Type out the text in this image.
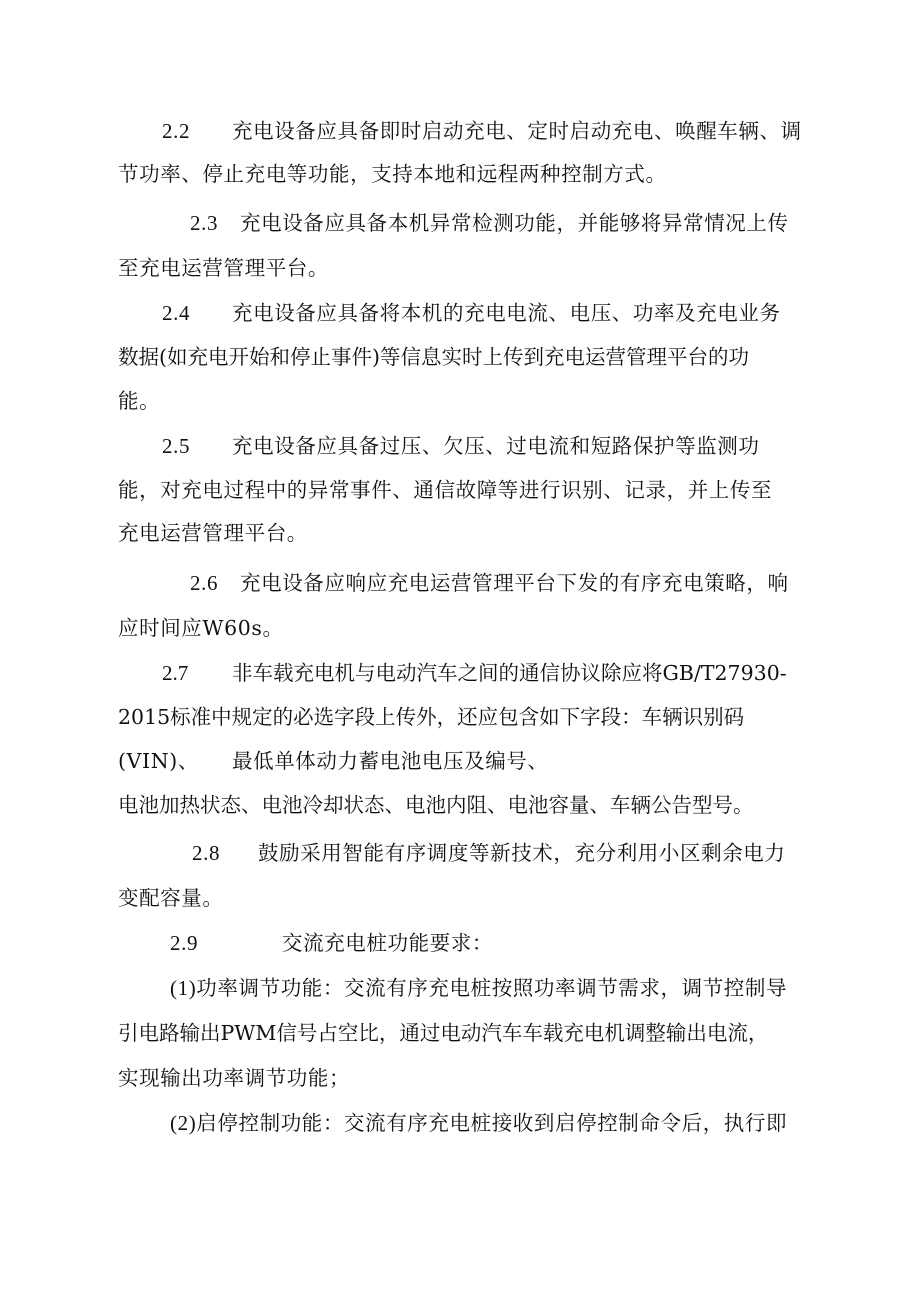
2.2 充电设备应具备即时启动充电、定时启动充电、唤醒车辆、调
节功率、停止充电等功能，支持本地和远程两种控制方式。
2.3 充电设备应具备本机异常检测功能，并能够将异常情况上传
至充电运营管理平台。
2.4 充电设备应具备将本机的充电电流、电压、功率及充电业务
数据(如充电开始和停止事件)等信息实时上传到充电运营管理平台的功
能。
2.5 充电设备应具备过压、欠压、过电流和短路保护等监测功
能，对充电过程中的异常事件、通信故障等进行识别、记录，并上传至
充电运营管理平台。
2.6 充电设备应响应充电运营管理平台下发的有序充电策略，响
应时间应W60s。
2.7 非车载充电机与电动汽车之间的通信协议除应将GB/T27930-
2015标准中规定的必选字段上传外，还应包含如下字段：车辆识别码
(VIN)、 最低单体动力蓄电池电压及编号、
电池加热状态、电池冷却状态、电池内阻、电池容量、车辆公告型号。
2.8 鼓励采用智能有序调度等新技术，充分利用小区剩余电力
变配容量。
2.9	交流充电桩功能要求：
(1)功率调节功能：交流有序充电桩按照功率调节需求，调节控制导
引电路输出PWM信号占空比，通过电动汽车车载充电机调整输出电流，
实现输出功率调节功能；
(2)启停控制功能：交流有序充电桩接收到启停控制命令后，执行即
